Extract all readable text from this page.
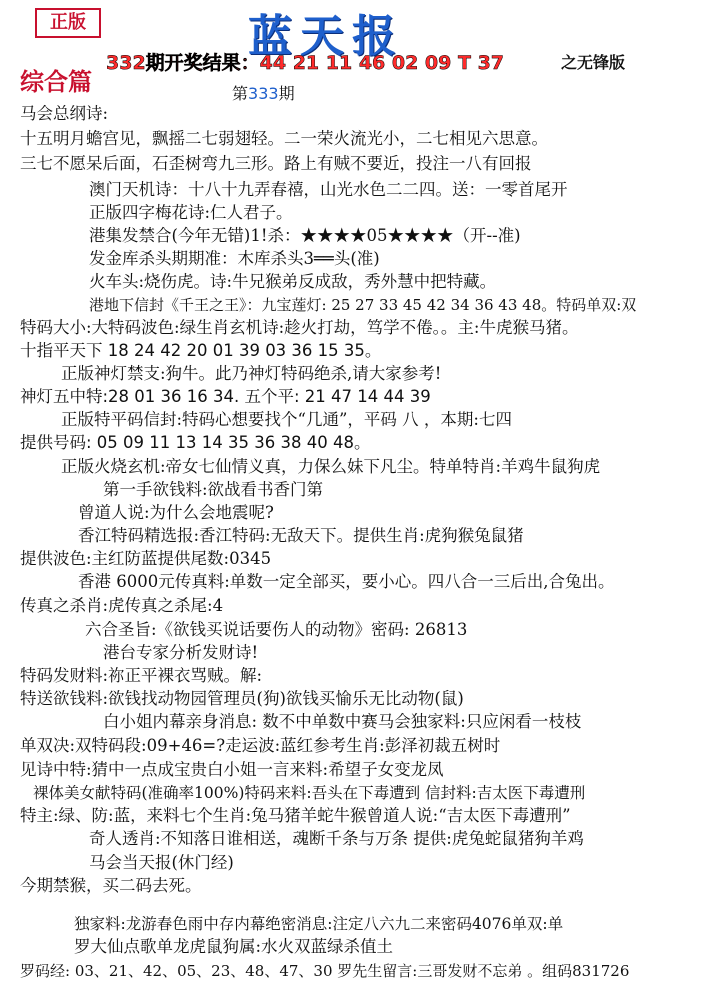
正版	蓝天报
332期开奖结果：44 21 11 46 02 09 T 37	之无锋版
综合篇	第333期
马会总纲诗:
十五明月蟾宫见，飘摇二七弱翅轻。二一荣火流光小，二七相见六思意。
三七不愿呆后面，石歪树弯九三形。路上有贼不要近，投注一八有回报
澳门天机诗：十八十九弄春禧，山光水色二二四。送：一零首尾开
正版四字梅花诗:仁人君子。
港集发禁合(今年无错)1!杀：★★★★05★★★★（开--准)
发金库杀头期期准：木库杀头3══头(准)
火车头:烧伤虎。诗:牛兄猴弟反成敌，秀外慧中把特藏。
港地下信封《千王之王》：九宝莲灯: 25 27 33 45 42 34 36 43 48。特码单双:双
特码大小:大特码波色:绿生肖玄机诗:趁火打劫，笃学不倦。。主:牛虎猴马猪。
十指平天下 18 24 42 20 01 39 03 36 15 35。
正版神灯禁支:狗牛。此乃神灯特码绝杀,请大家参考!
神灯五中特:28 01 36 16 34. 五个平: 21 47 14 44 39
正版特平码信封:特码心想要找个“几通”，平码 八 ，本期:七四
提供号码: 05 09 11 13 14 35 36 38 40 48。
正版火烧玄机:帝女七仙情义真，力保么妹下凡尘。特单特肖:羊鸡牛鼠狗虎
第一手欲钱料:欲战看书香门第
曾道人说:为什么会地震呢?
香江特码精选报:香江特码:无敌天下。提供生肖:虎狗猴兔鼠猪
提供波色:主红防蓝提供尾数:0345
香港 6000元传真料:单数一定全部买，要小心。四八合一三后出,合兔出。
传真之杀肖:虎传真之杀尾:4
六合圣旨:《欲钱买说话要伤人的动物》密码: 26813
港台专家分析发财诗!
特码发财料:祢正平裸衣骂贼。解:
特送欲钱料:欲钱找动物园管理员(狗)欲钱买愉乐无比动物(鼠)
白小姐内幕亲身消息: 数不中单数中赛马会独家料:只应闲看一枝枝
单双决:双特码段:09+46=?走运波:蓝红参考生肖:彭泽初裁五树时
见诗中特:猜中一点成宝贵白小姐一言来料:希望子女变龙凤
裸体美女献特码(准确率100%)特码来料:吾头在下毒遭到 信封料:吉太医下毒遭刑
特主:绿、防:蓝，来料七个生肖:兔马猪羊蛇牛猴曾道人说:“吉太医下毒遭刑”
奇人透肖:不知落日谁相送，魂断千条与万条 提供:虎兔蛇鼠猪狗羊鸡
马会当天报(休门经)
今期禁猴，买二码去死。
独家料:龙游春色雨中存内幕绝密消息:注定八六九二来密码4076单双:单
罗大仙点歌单龙虎鼠狗属:水火双蓝绿杀值土
罗码经: 03、21、42、05、23、48、47、30 罗先生留言:三哥发财不忘弟 。组码831726
